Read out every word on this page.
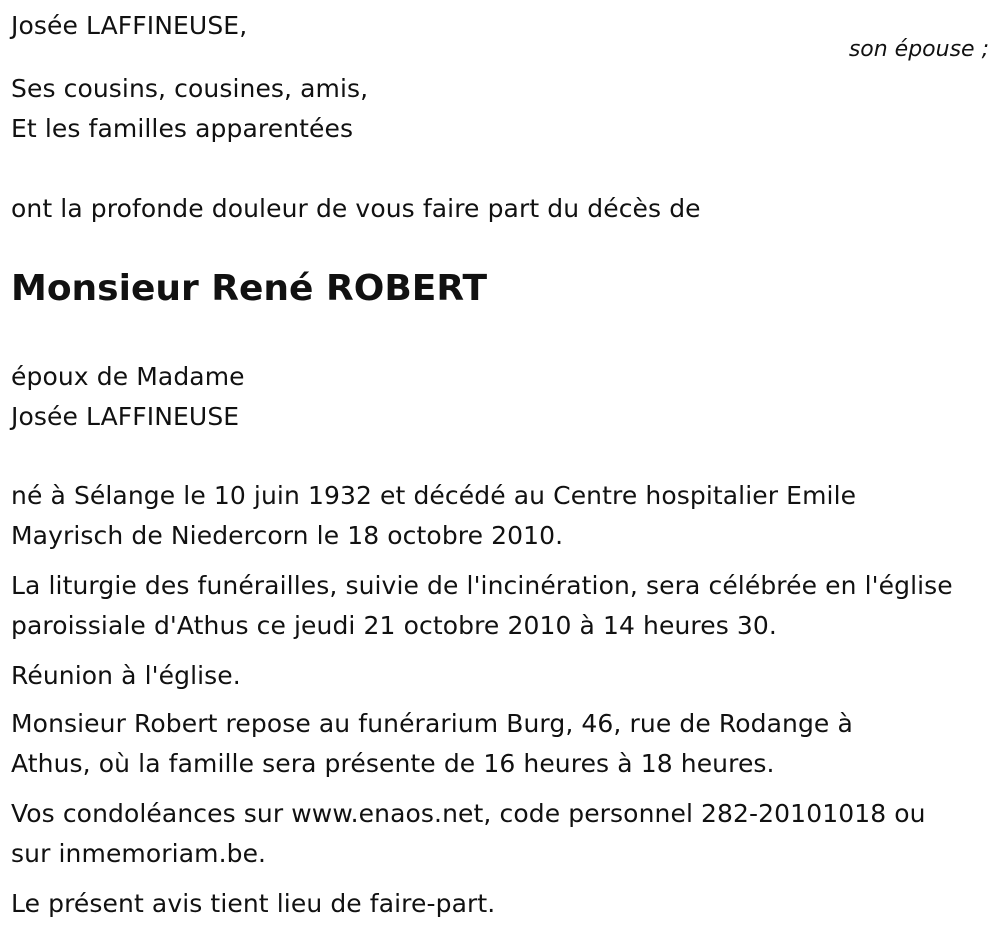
Josée LAFFINEUSE,
son épouse ;
Ses cousins, cousines, amis,
Et les familles apparentées
ont la profonde douleur de vous faire part du décès de
Monsieur René ROBERT
époux de Madame
Josée LAFFINEUSE
né à Sélange le 10 juin 1932 et décédé au Centre hospitalier Emile
Mayrisch de Niedercorn le 18 octobre 2010.
La liturgie des funérailles, suivie de l'incinération, sera célébrée en l'église
paroissiale d'Athus ce jeudi 21 octobre 2010 à 14 heures 30.
Réunion à l'église.
Monsieur Robert repose au funérarium Burg, 46, rue de Rodange à
Athus, où la famille sera présente de 16 heures à 18 heures.
Vos condoléances sur www.enaos.net, code personnel 282-20101018 ou
sur inmemoriam.be.
Le présent avis tient lieu de faire-part.
